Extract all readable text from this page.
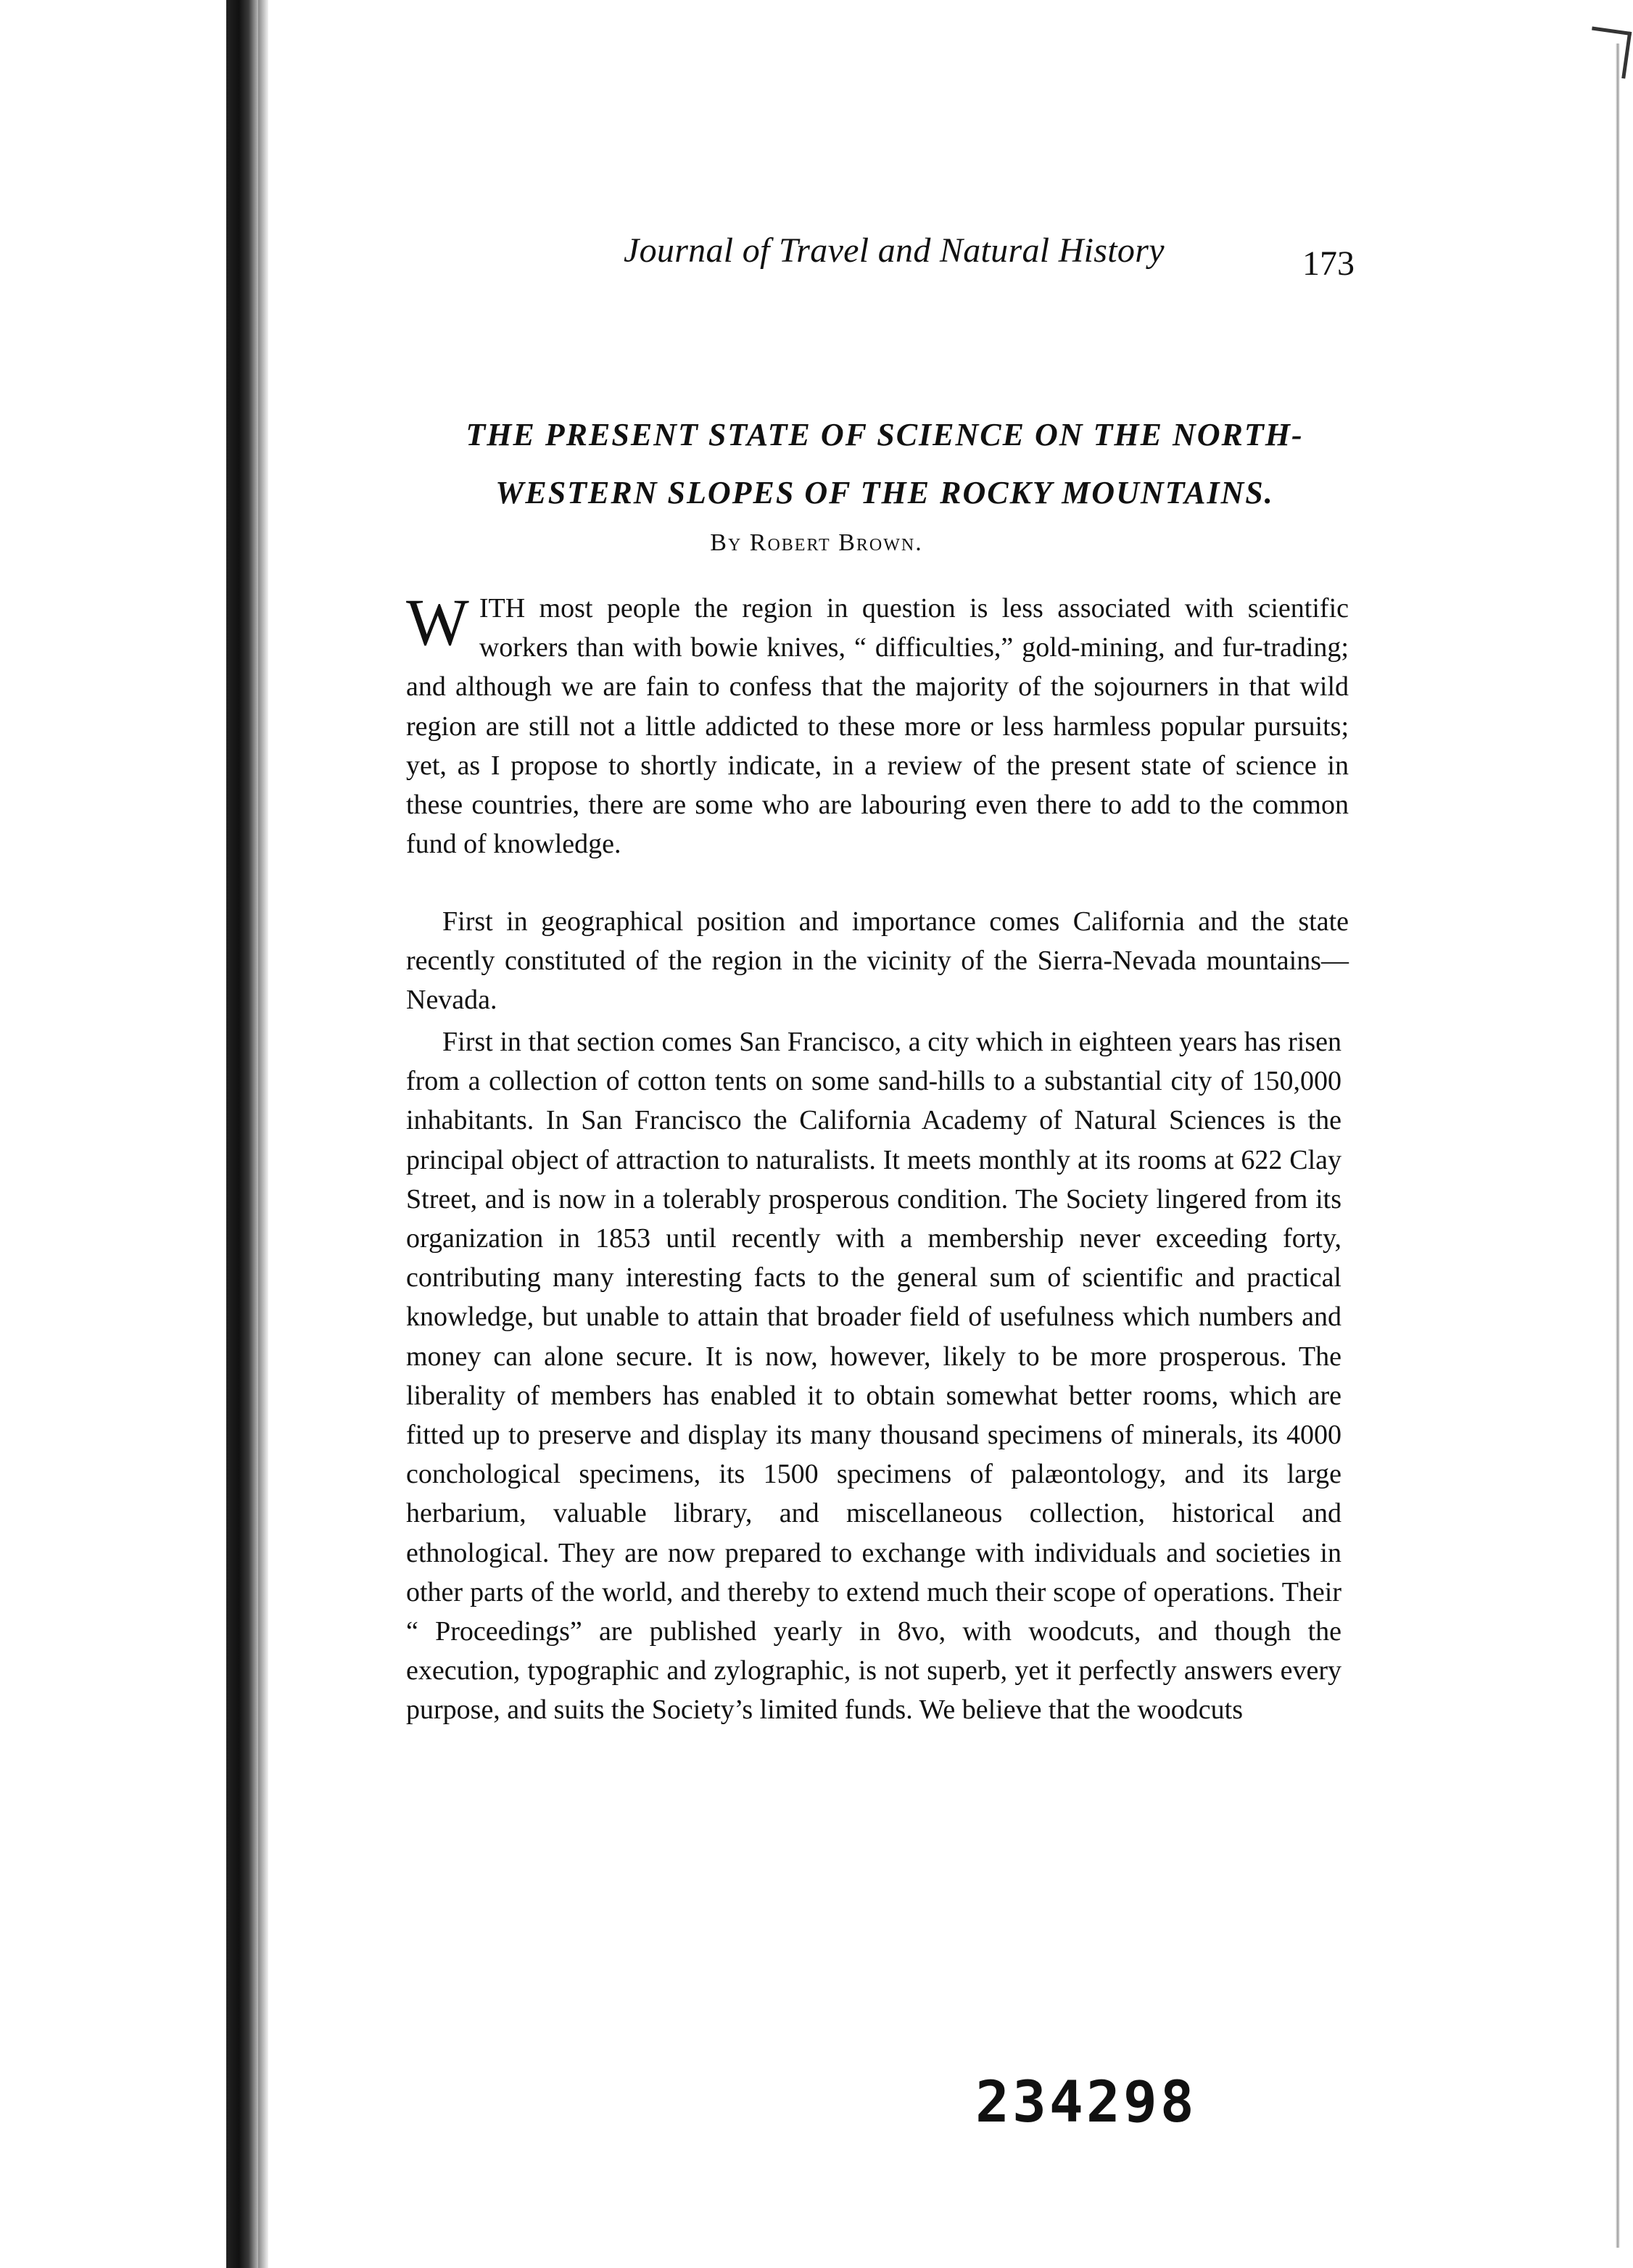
Journal of Travel and Natural History	173
THE PRESENT STATE OF SCIENCE ON THE NORTH-
WESTERN SLOPES OF THE ROCKY MOUNTAINS.
By Robert Brown.

WITH most people the region in question is less associated with scientific workers than with bowie knives, “ difficulties,” gold-mining, and fur-trading; and although we are fain to confess that the majority of the sojourners in that wild region are still not a little addicted to these more or less harmless popular pursuits; yet, as I propose to shortly indicate, in a review of the present state of science in these countries, there are some who are labouring even there to add to the common fund of knowledge.

First in geographical position and importance comes California and the state recently constituted of the region in the vicinity of the Sierra-Nevada mountains—Nevada.

First in that section comes San Francisco, a city which in eighteen years has risen from a collection of cotton tents on some sand-hills to a substantial city of 150,000 inhabitants. In San Francisco the California Academy of Natural Sciences is the principal object of attraction to naturalists. It meets monthly at its rooms at 622 Clay Street, and is now in a tolerably prosperous condition. The Society lingered from its organization in 1853 until recently with a membership never exceeding forty, contributing many interesting facts to the general sum of scientific and practical knowledge, but unable to attain that broader field of usefulness which numbers and money can alone secure. It is now, however, likely to be more prosperous. The liberality of members has enabled it to obtain somewhat better rooms, which are fitted up to preserve and display its many thousand specimens of minerals, its 4000 conchological specimens, its 1500 specimens of palæontology, and its large herbarium, valuable library, and miscellaneous collection, historical and ethnological. They are now prepared to exchange with individuals and societies in other parts of the world, and thereby to extend much their scope of operations. Their “ Proceedings” are published yearly in 8vo, with woodcuts, and though the execution, typographic and zylographic, is not superb, yet it perfectly answers every purpose, and suits the Society’s limited funds. We believe that the woodcuts

234298
